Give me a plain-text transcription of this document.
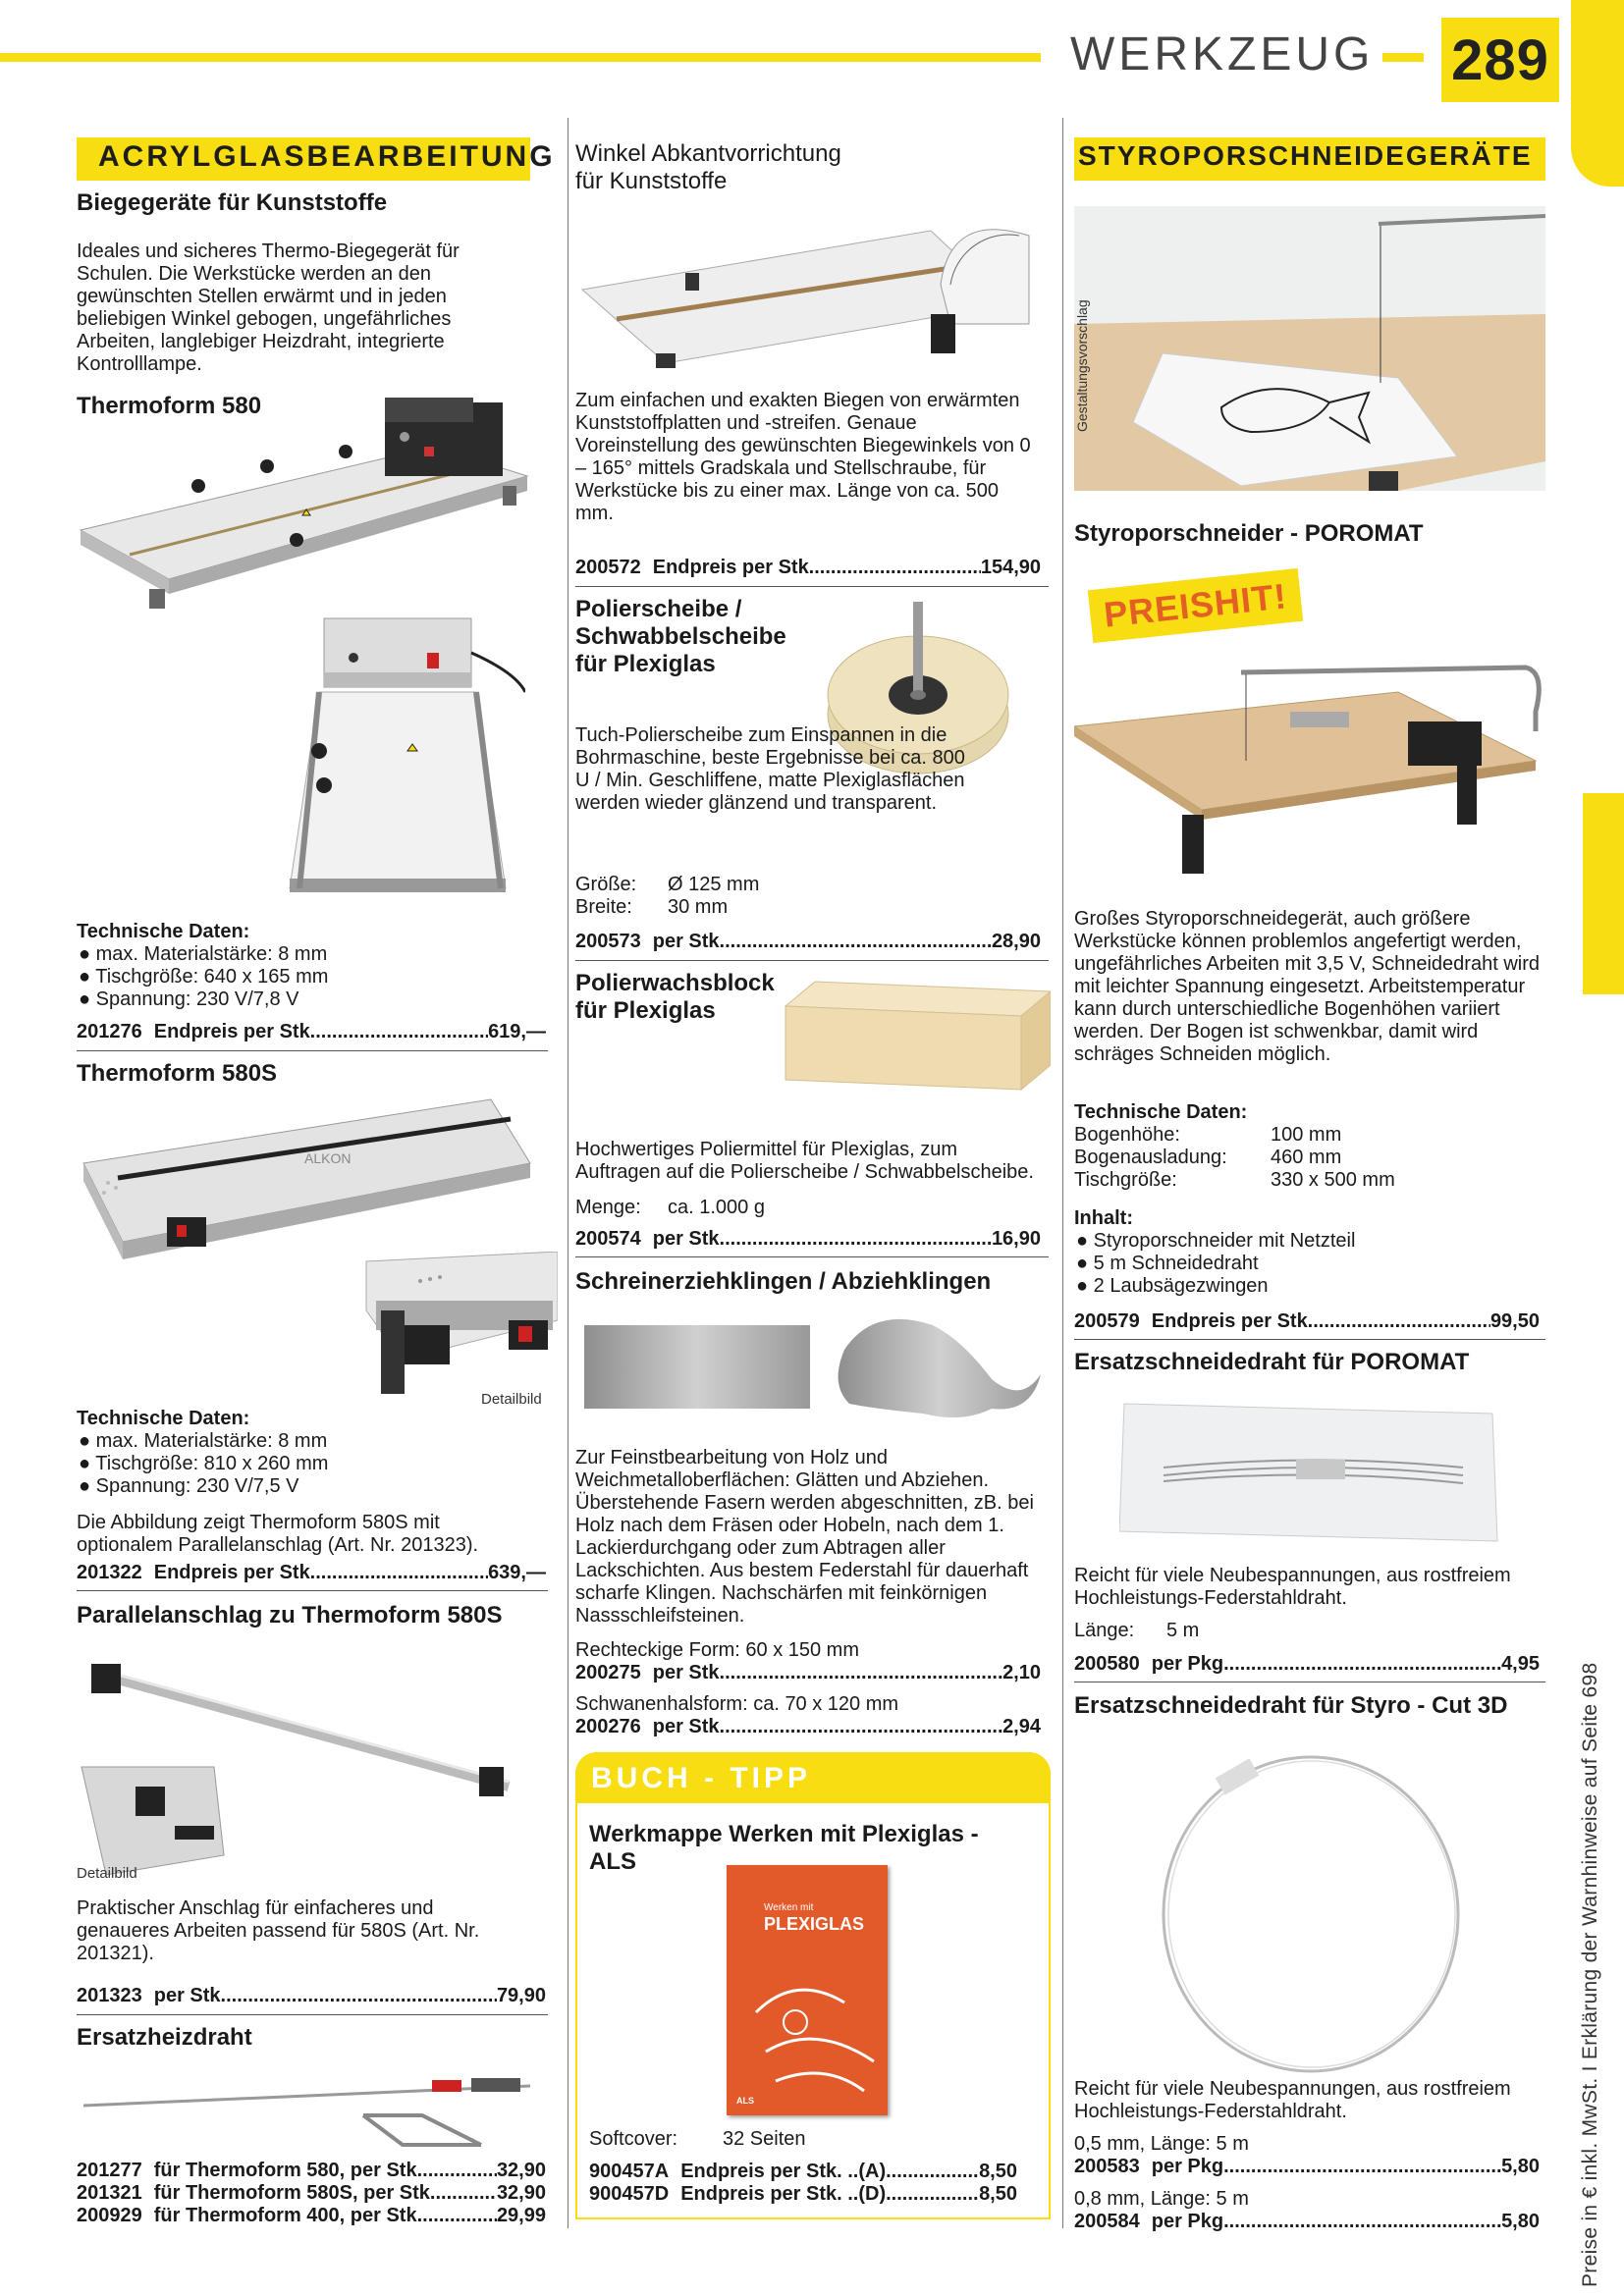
WERKZEUG 289
Preise in € inkl. MwSt. I Erklärung der Warnhinweise auf Seite 698
ACRYLGLASBEARBEITUNG
Biegegeräte für Kunststoffe
Ideales und sicheres Thermo-Biegegerät für Schulen. Die Werkstücke werden an den gewünschten Stellen erwärmt und in jeden beliebigen Winkel gebogen, ungefährliches Arbeiten, langlebiger Heizdraht, integrierte Kontrolllampe.
Thermoform 580
Technische Daten:
● max. Materialstärke: 8 mm
● Tischgröße: 640 x 165 mm
● Spannung: 230 V/7,8 V
201276 Endpreis per Stk. .....	619,—
Thermoform 580S
ALKON
Detailbild
Technische Daten:
● max. Materialstärke: 8 mm
● Tischgröße: 810 x 260 mm
● Spannung: 230 V/7,5 V
Die Abbildung zeigt Thermoform 580S mit optionalem Parallelanschlag (Art. Nr. 201323).
201322 Endpreis per Stk. .....	639,—
Parallelanschlag zu Thermoform 580S
Detailbild
Praktischer Anschlag für einfacheres und genaueres Arbeiten passend für 580S (Art. Nr. 201321).
201323 per Stk. .....	79,90
Ersatzheizdraht
201277 für Thermoform 580, per Stk. .....	32,90
201321 für Thermoform 580S, per Stk. .....	32,90
200929 für Thermoform 400, per Stk. .....	29,99
Winkel Abkantvorrichtung
für Kunststoffe
Zum einfachen und exakten Biegen von erwärmten Kunststoffplatten und -streifen. Genaue Voreinstellung des gewünschten Biegewinkels von 0 – 165° mittels Gradskala und Stellschraube, für Werkstücke bis zu einer max. Länge von ca. 500 mm.
200572 Endpreis per Stk. .....	154,90
Polierscheibe / Schwabbelscheibe für Plexiglas
Tuch-Polierscheibe zum Einspannen in die Bohrmaschine, beste Ergebnisse bei ca. 800 U / Min. Geschliffene, matte Plexiglasflächen werden wieder glänzend und transparent.
Größe: Ø 125 mm
Breite: 30 mm
200573 per Stk. .....	28,90
Polierwachsblock für Plexiglas
Hochwertiges Poliermittel für Plexiglas, zum Auftragen auf die Polierscheibe / Schwabbelscheibe.
Menge: ca. 1.000 g
200574 per Stk. .....	16,90
Schreinerziehklingen / Abziehklingen
Zur Feinstbearbeitung von Holz und Weichmetalloberflächen: Glätten und Abziehen. Überstehende Fasern werden abgeschnitten, zB. bei Holz nach dem Fräsen oder Hobeln, nach dem 1. Lackierdurchgang oder zum Abtragen aller Lackschichten. Aus bestem Federstahl für dauerhaft scharfe Klingen. Nachschärfen mit feinkörnigen Nassschleifsteinen.
Rechteckige Form: 60 x 150 mm
200275 per Stk. .....	2,10
Schwanenhalsform: ca. 70 x 120 mm
200276 per Stk. .....	2,94
BUCH - TIPP
Werkmappe Werken mit Plexiglas - ALS
Werken mit
PLEXIGLAS
ALS
Softcover: 32 Seiten
900457A Endpreis per Stk. ..(A) .....	8,50
900457D Endpreis per Stk. ..(D) .....	8,50
STYROPORSCHNEIDEGERÄTE
Gestaltungsvorschlag
Styroporschneider - POROMAT
PREISHIT!
Großes Styroporschneidegerät, auch größere Werkstücke können problemlos angefertigt werden, ungefährliches Arbeiten mit 3,5 V, Schneidedraht wird mit leichter Spannung eingesetzt. Arbeitstemperatur kann durch unterschiedliche Bogenhöhen variiert werden. Der Bogen ist schwenkbar, damit wird schräges Schneiden möglich.
Technische Daten:
Bogenhöhe:	100 mm
Bogenausladung: 460 mm
Tischgröße:	330 x 500 mm
Inhalt:
● Styroporschneider mit Netzteil
● 5 m Schneidedraht
● 2 Laubsägezwingen
200579 Endpreis per Stk. .....	99,50
Ersatzschneidedraht für POROMAT
Reicht für viele Neubespannungen, aus rostfreiem Hochleistungs-Federstahldraht.
Länge: 5 m
200580 per Pkg. .....	4,95
Ersatzschneidedraht für Styro - Cut 3D
Reicht für viele Neubespannungen, aus rostfreiem Hochleistungs-Federstahldraht.
0,5 mm, Länge: 5 m
200583 per Pkg. .....	5,80
0,8 mm, Länge: 5 m
200584 per Pkg. .....	5,80
